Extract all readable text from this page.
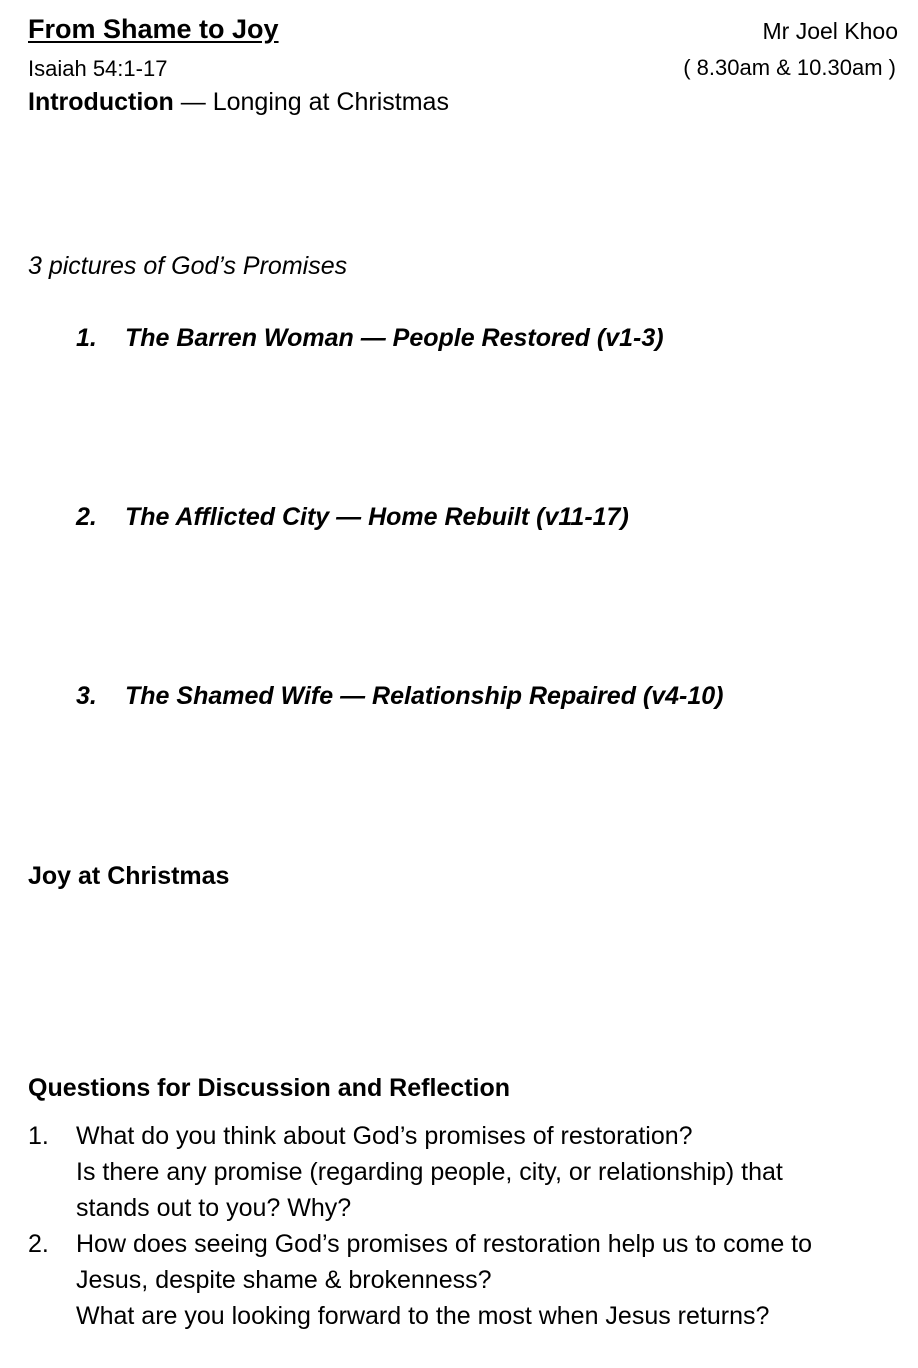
From Shame to Joy	Mr Joel Khoo
Isaiah 54:1-17	( 8.30am & 10.30am )
Introduction — Longing at Christmas
3 pictures of God’s Promises
1.	The Barren Woman — People Restored (v1-3)
2.	The Afflicted City — Home Rebuilt (v11-17)
3.	The Shamed Wife — Relationship Repaired (v4-10)
Joy at Christmas
Questions for Discussion and Reflection
1.	What do you think about God’s promises of restoration?
Is there any promise (regarding people, city, or relationship) that
stands out to you? Why?
2.	How does seeing God’s promises of restoration help us to come to
Jesus, despite shame & brokenness?
What are you looking forward to the most when Jesus returns?
